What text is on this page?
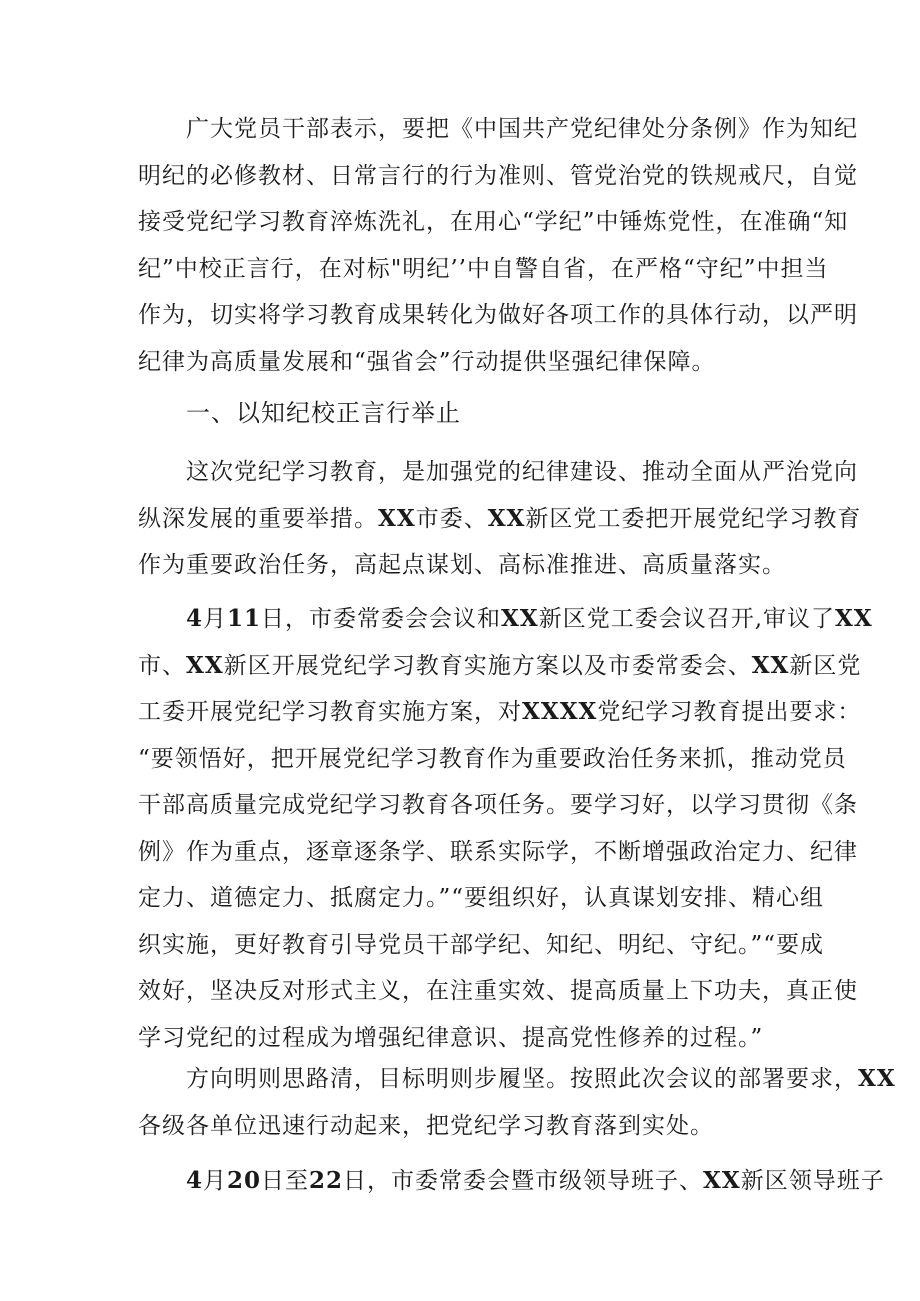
广大党员干部表示，要把《中国共产党纪律处分条例》作为知纪
明纪的必修教材、日常言行的行为准则、管党治党的铁规戒尺，自觉
接受党纪学习教育淬炼洗礼，在用心“学纪”中锤炼党性，在准确“知
纪”中校正言行，在对标"明纪’’中自警自省，在严格“守纪”中担当
作为，切实将学习教育成果转化为做好各项工作的具体行动，以严明
纪律为高质量发展和“强省会”行动提供坚强纪律保障。
一、以知纪校正言行举止
这次党纪学习教育，是加强党的纪律建设、推动全面从严治党向
纵深发展的重要举措。XX市委、XX新区党工委把开展党纪学习教育
作为重要政治任务，高起点谋划、高标准推进、高质量落实。
4月11日，市委常委会会议和XX新区党工委会议召开,审议了XX
市、XX新区开展党纪学习教育实施方案以及市委常委会、XX新区党
工委开展党纪学习教育实施方案，对XXXX党纪学习教育提出要求：
“要领悟好，把开展党纪学习教育作为重要政治任务来抓，推动党员
干部高质量完成党纪学习教育各项任务。要学习好，以学习贯彻《条
例》作为重点，逐章逐条学、联系实际学，不断增强政治定力、纪律
定力、道德定力、抵腐定力。”“要组织好，认真谋划安排、精心组
织实施，更好教育引导党员干部学纪、知纪、明纪、守纪。”“要成
效好，坚决反对形式主义，在注重实效、提高质量上下功夫，真正使
学习党纪的过程成为增强纪律意识、提高党性修养的过程。”
方向明则思路清，目标明则步履坚。按照此次会议的部署要求，XX
各级各单位迅速行动起来，把党纪学习教育落到实处。
4月20日至22日，市委常委会暨市级领导班子、XX新区领导班子
